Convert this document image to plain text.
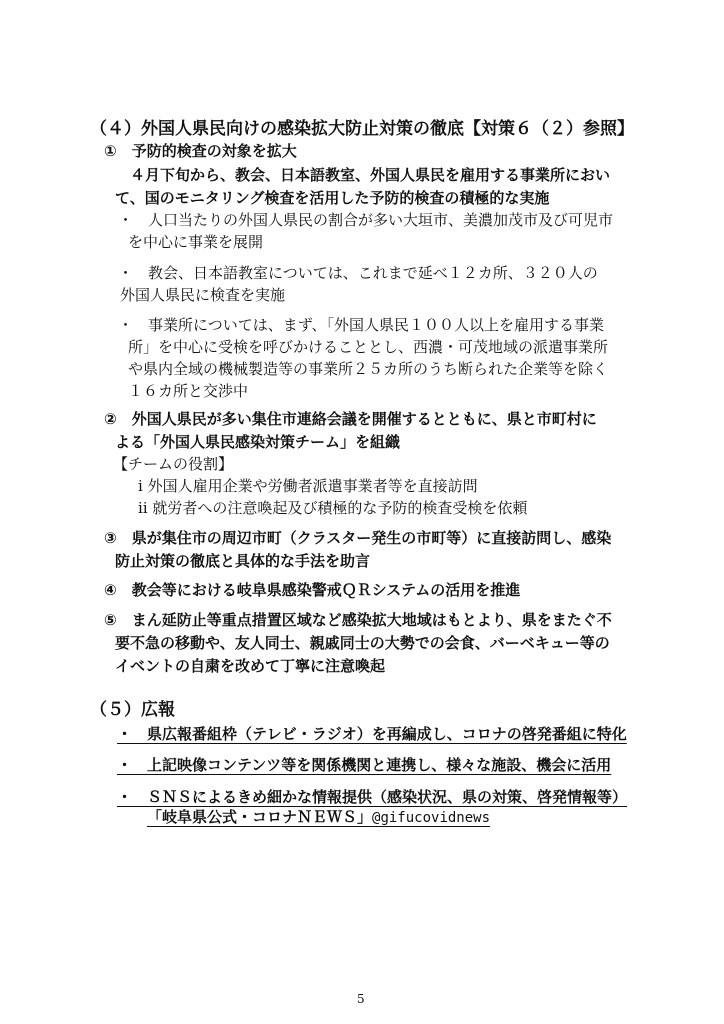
（４）外国人県民向けの感染拡大防止対策の徹底【対策６（２）参照】
①　予防的検査の対象を拡大
　４月下旬から、教会、日本語教室、外国人県民を雇用する事業所におい
て、国のモニタリング検査を活用した予防的検査の積極的な実施
・　人口当たりの外国人県民の割合が多い大垣市、美濃加茂市及び可児市
を中心に事業を展開
・　教会、日本語教室については、これまで延べ１２カ所、３２０人の
外国人県民に検査を実施
・　事業所については、まず、「外国人県民１００人以上を雇用する事業
所」を中心に受検を呼びかけることとし、西濃・可茂地域の派遣事業所
や県内全域の機械製造等の事業所２５カ所のうち断られた企業等を除く
１６カ所と交渉中
②　外国人県民が多い集住市連絡会議を開催するとともに、県と市町村に
よる「外国人県民感染対策チーム」を組織
【チームの役割】
ⅰ 外国人雇用企業や労働者派遣事業者等を直接訪問
ⅱ 就労者への注意喚起及び積極的な予防的検査受検を依頼
③　県が集住市の周辺市町（クラスター発生の市町等）に直接訪問し、感染
防止対策の徹底と具体的な手法を助言
④　教会等における岐阜県感染警戒ＱＲシステムの活用を推進
⑤　まん延防止等重点措置区域など感染拡大地域はもとより、県をまたぐ不
要不急の移動や、友人同士、親戚同士の大勢での会食、バーベキュー等の
イベントの自粛を改めて丁寧に注意喚起
（５）広報
・　県広報番組枠（テレビ・ラジオ）を再編成し、コロナの啓発番組に特化
・　上記映像コンテンツ等を関係機関と連携し、様々な施設、機会に活用
・　ＳＮＳによるきめ細かな情報提供（感染状況、県の対策、啓発情報等）
「岐阜県公式・コロナＮＥＷＳ」@gifucovidnews
5
